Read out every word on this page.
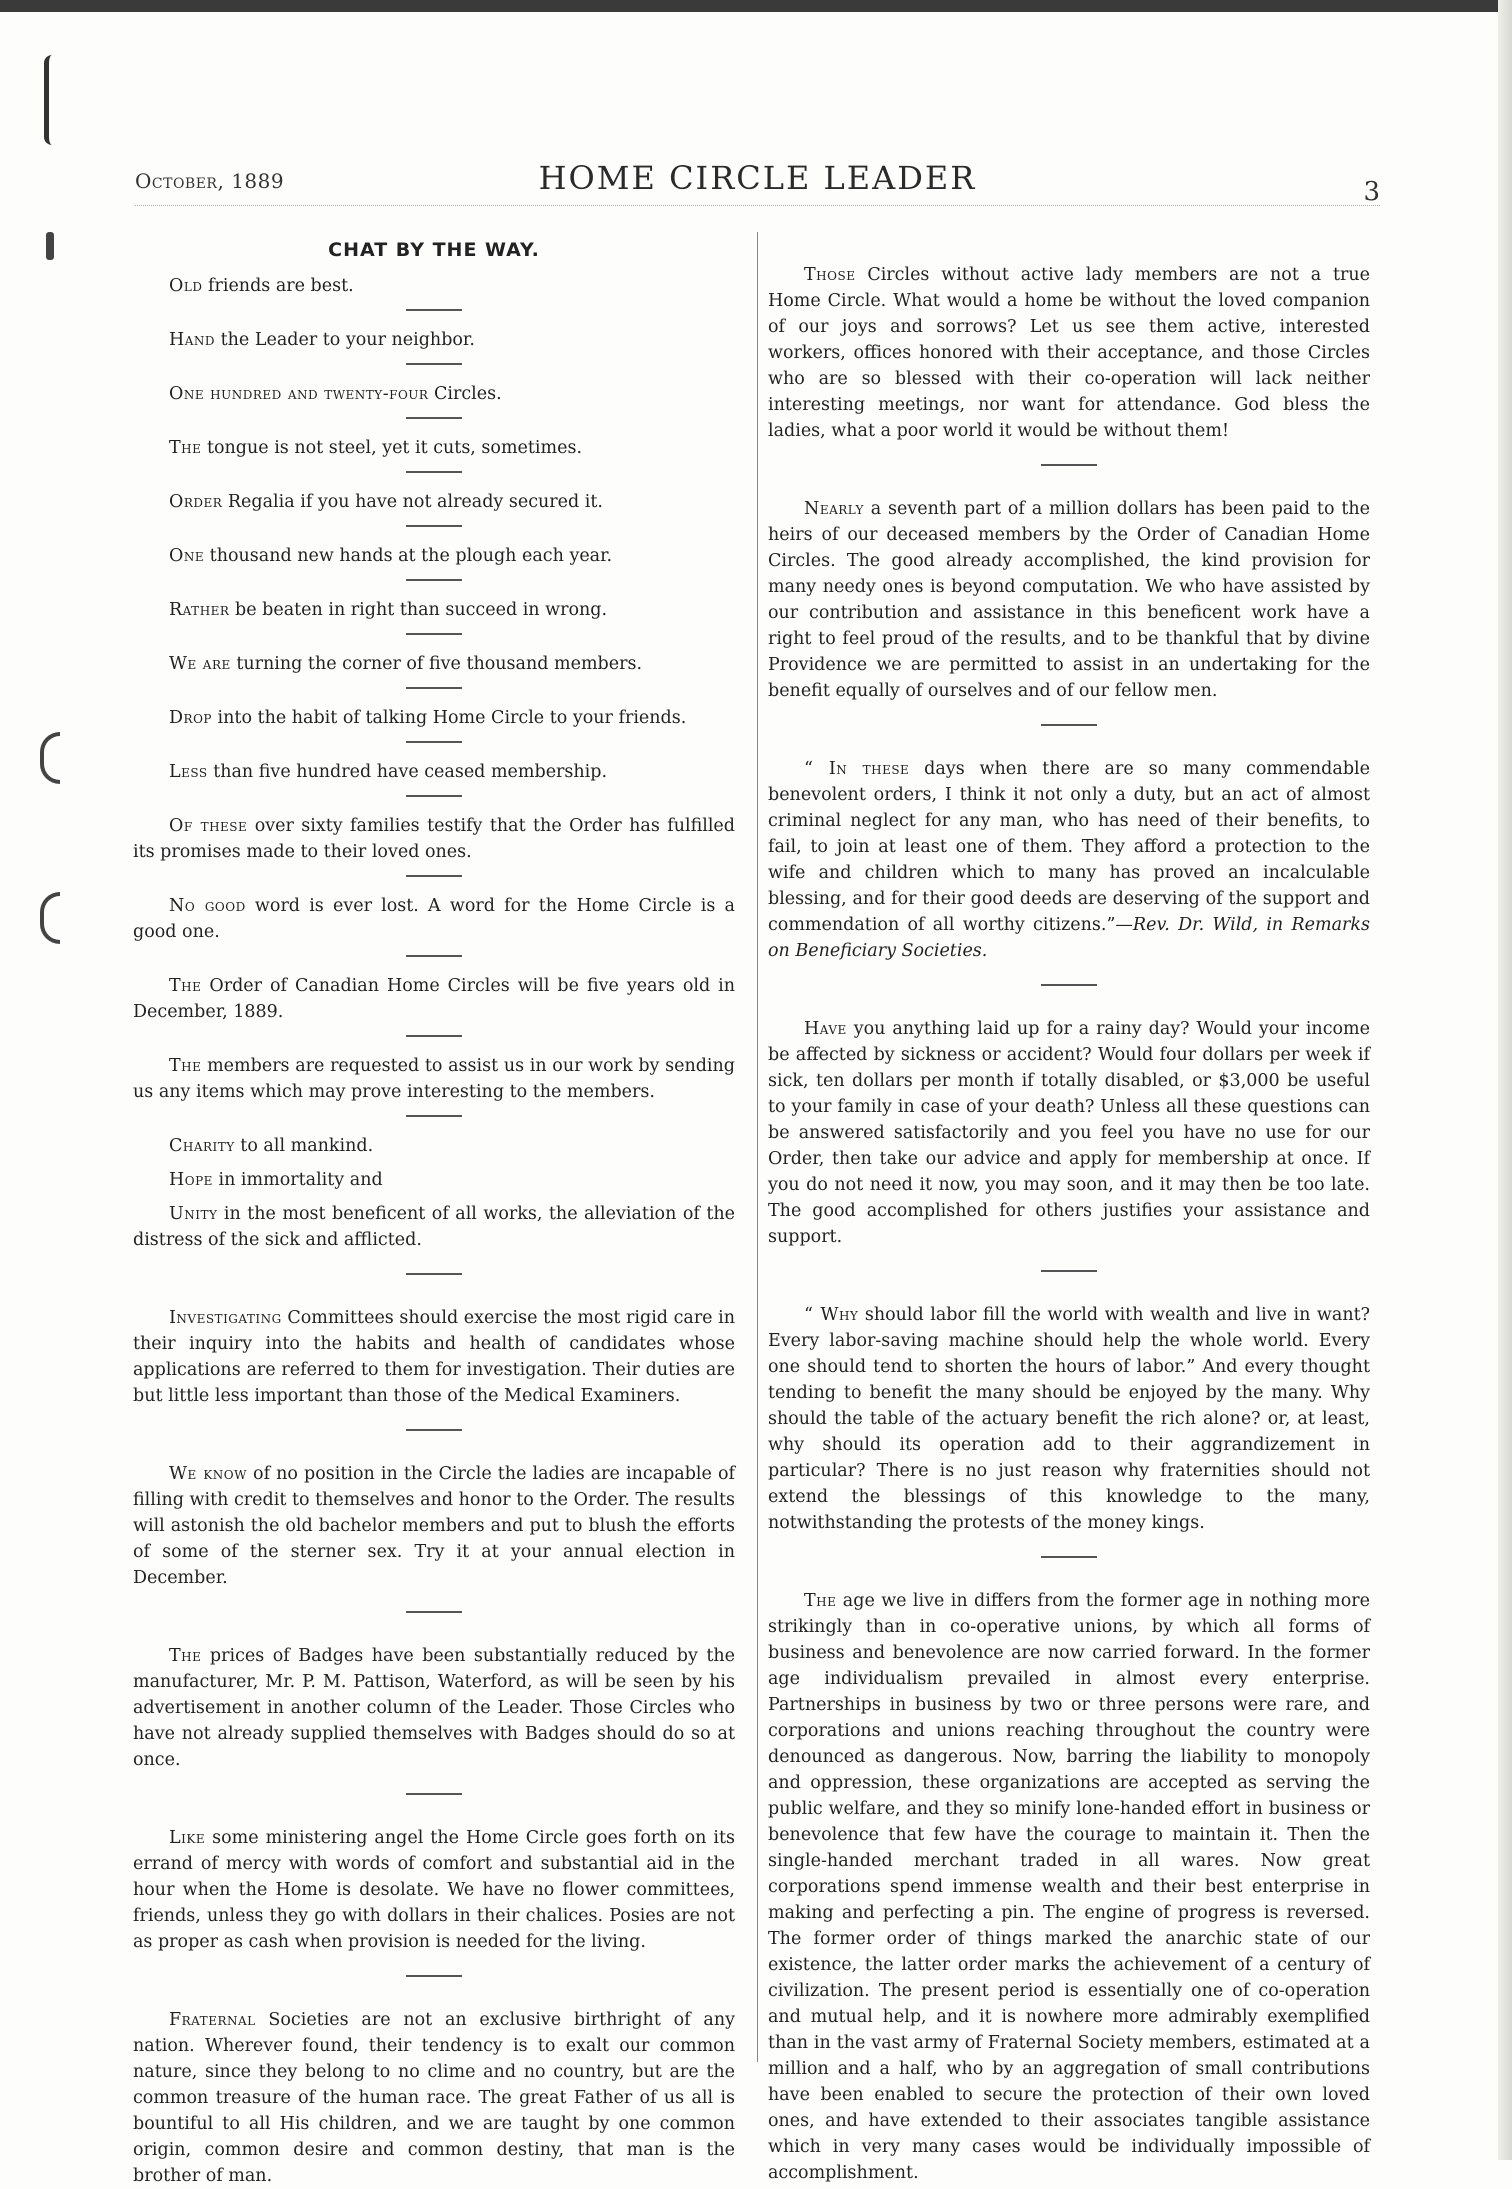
October, 1889	HOME CIRCLE LEADER	3
CHAT BY THE WAY.

Old friends are best.

Hand the Leader to your neighbor.

One hundred and twenty-four Circles.

The tongue is not steel, yet it cuts, sometimes.

Order Regalia if you have not already secured it.

One thousand new hands at the plough each year.

Rather be beaten in right than succeed in wrong.

We are turning the corner of five thousand members.

Drop into the habit of talking Home Circle to your friends.

Less than five hundred have ceased membership.

Of these over sixty families testify that the Order has fulfilled its promises made to their loved ones.

No good word is ever lost. A word for the Home Circle is a good one.

The Order of Canadian Home Circles will be five years old in December, 1889.

The members are requested to assist us in our work by sending us any items which may prove interesting to the members.

Charity to all mankind.

Hope in immortality and

Unity in the most beneficent of all works, the alleviation of the distress of the sick and afflicted.

Investigating Committees should exercise the most rigid care in their inquiry into the habits and health of candidates whose applications are referred to them for investigation. Their duties are but little less important than those of the Medical Examiners.

We know of no position in the Circle the ladies are incapable of filling with credit to themselves and honor to the Order. The results will astonish the old bachelor members and put to blush the efforts of some of the sterner sex. Try it at your annual election in December.

The prices of Badges have been substantially reduced by the manufacturer, Mr. P. M. Pattison, Waterford, as will be seen by his advertisement in another column of the Leader. Those Circles who have not already supplied themselves with Badges should do so at once.

Like some ministering angel the Home Circle goes forth on its errand of mercy with words of comfort and substantial aid in the hour when the Home is desolate. We have no flower committees, friends, unless they go with dollars in their chalices. Posies are not as proper as cash when provision is needed for the living.

Fraternal Societies are not an exclusive birthright of any nation. Wherever found, their tendency is to exalt our common nature, since they belong to no clime and no country, but are the common treasure of the human race. The great Father of us all is bountiful to all His children, and we are taught by one common origin, common desire and common destiny, that man is the brother of man.

Those Circles without active lady members are not a true Home Circle. What would a home be without the loved companion of our joys and sorrows? Let us see them active, interested workers, offices honored with their acceptance, and those Circles who are so blessed with their co-operation will lack neither interesting meetings, nor want for attendance. God bless the ladies, what a poor world it would be without them!

Nearly a seventh part of a million dollars has been paid to the heirs of our deceased members by the Order of Canadian Home Circles. The good already accomplished, the kind provision for many needy ones is beyond computation. We who have assisted by our contribution and assistance in this beneficent work have a right to feel proud of the results, and to be thankful that by divine Providence we are permitted to assist in an undertaking for the benefit equally of ourselves and of our fellow men.

“ In these days when there are so many commendable benevolent orders, I think it not only a duty, but an act of almost criminal neglect for any man, who has need of their benefits, to fail, to join at least one of them. They afford a protection to the wife and children which to many has proved an incalculable blessing, and for their good deeds are deserving of the support and commendation of all worthy citizens.”—Rev. Dr. Wild, in Remarks on Beneficiary Societies.

Have you anything laid up for a rainy day? Would your income be affected by sickness or accident? Would four dollars per week if sick, ten dollars per month if totally disabled, or $3,000 be useful to your family in case of your death? Unless all these questions can be answered satisfactorily and you feel you have no use for our Order, then take our advice and apply for membership at once. If you do not need it now, you may soon, and it may then be too late. The good accomplished for others justifies your assistance and support.

“ Why should labor fill the world with wealth and live in want? Every labor-saving machine should help the whole world. Every one should tend to shorten the hours of labor.” And every thought tending to benefit the many should be enjoyed by the many. Why should the table of the actuary benefit the rich alone? or, at least, why should its operation add to their aggrandizement in particular? There is no just reason why fraternities should not extend the blessings of this knowledge to the many, notwithstanding the protests of the money kings.

The age we live in differs from the former age in nothing more strikingly than in co-operative unions, by which all forms of business and benevolence are now carried forward. In the former age individualism prevailed in almost every enterprise. Partnerships in business by two or three persons were rare, and corporations and unions reaching throughout the country were denounced as dangerous. Now, barring the liability to monopoly and oppression, these organizations are accepted as serving the public welfare, and they so minify lone-handed effort in business or benevolence that few have the courage to maintain it. Then the single-handed merchant traded in all wares. Now great corporations spend immense wealth and their best enterprise in making and perfecting a pin. The engine of progress is reversed. The former order of things marked the anarchic state of our existence, the latter order marks the achievement of a century of civilization. The present period is essentially one of co-operation and mutual help, and it is nowhere more admirably exemplified than in the vast army of Fraternal Society members, estimated at a million and a half, who by an aggregation of small contributions have been enabled to secure the protection of their own loved ones, and have extended to their associates tangible assistance which in very many cases would be individually impossible of accomplishment.
